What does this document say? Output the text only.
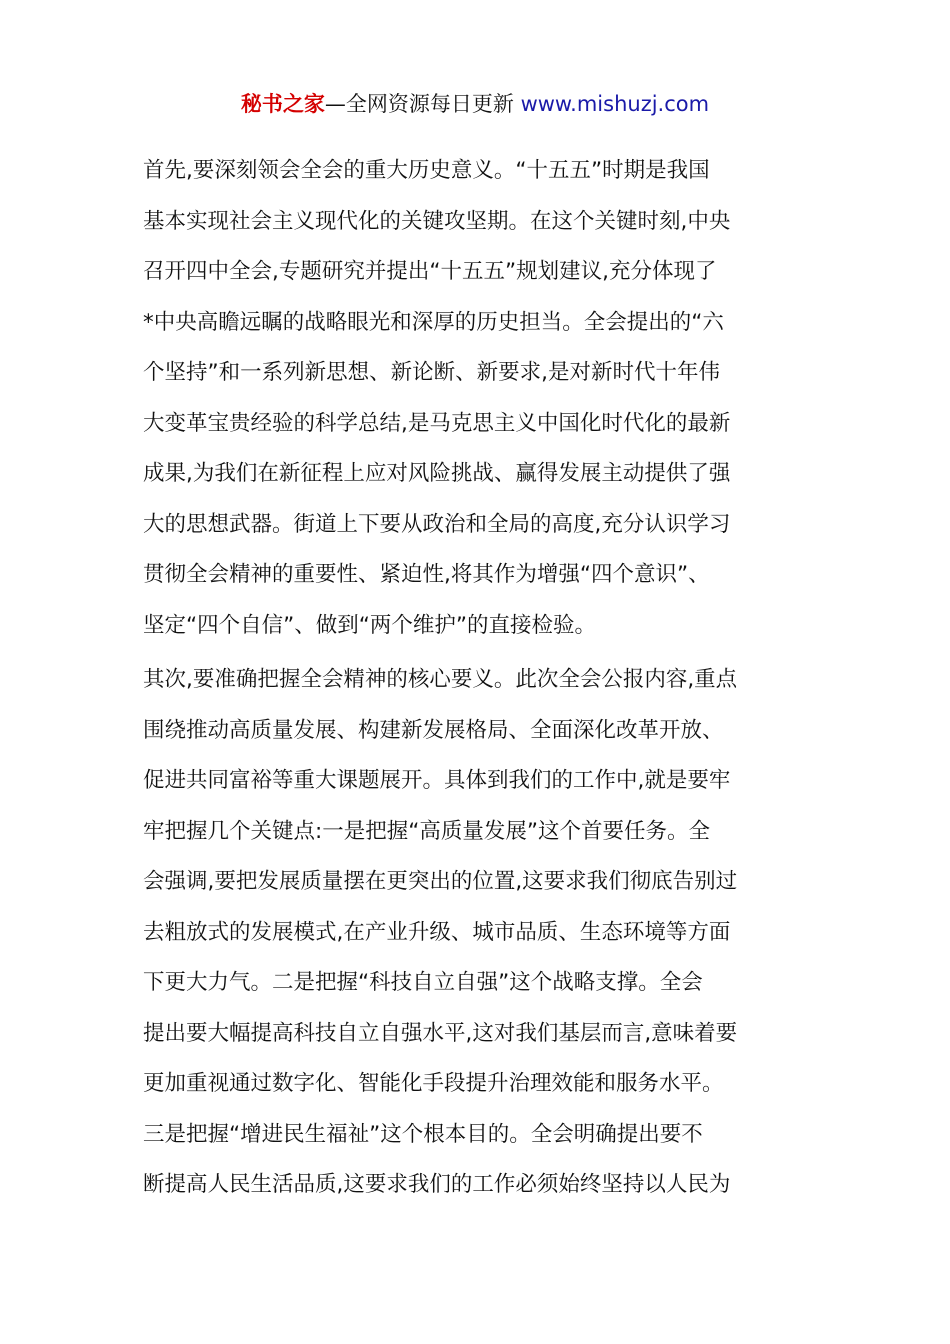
秘书之家—全网资源每日更新 www.mishuzj.com
首先,要深刻领会全会的重大历史意义。“十五五”时期是我国
基本实现社会主义现代化的关键攻坚期。在这个关键时刻,中央
召开四中全会,专题研究并提出“十五五”规划建议,充分体现了
*中央高瞻远瞩的战略眼光和深厚的历史担当。全会提出的“六
个坚持”和一系列新思想、新论断、新要求,是对新时代十年伟
大变革宝贵经验的科学总结,是马克思主义中国化时代化的最新
成果,为我们在新征程上应对风险挑战、赢得发展主动提供了强
大的思想武器。街道上下要从政治和全局的高度,充分认识学习
贯彻全会精神的重要性、紧迫性,将其作为增强“四个意识”、
坚定“四个自信”、做到“两个维护”的直接检验。
其次,要准确把握全会精神的核心要义。此次全会公报内容,重点
围绕推动高质量发展、构建新发展格局、全面深化改革开放、
促进共同富裕等重大课题展开。具体到我们的工作中,就是要牢
牢把握几个关键点:一是把握“高质量发展”这个首要任务。全
会强调,要把发展质量摆在更突出的位置,这要求我们彻底告别过
去粗放式的发展模式,在产业升级、城市品质、生态环境等方面
下更大力气。二是把握“科技自立自强”这个战略支撑。全会
提出要大幅提高科技自立自强水平,这对我们基层而言,意味着要
更加重视通过数字化、智能化手段提升治理效能和服务水平。
三是把握“增进民生福祉”这个根本目的。全会明确提出要不
断提高人民生活品质,这要求我们的工作必须始终坚持以人民为
